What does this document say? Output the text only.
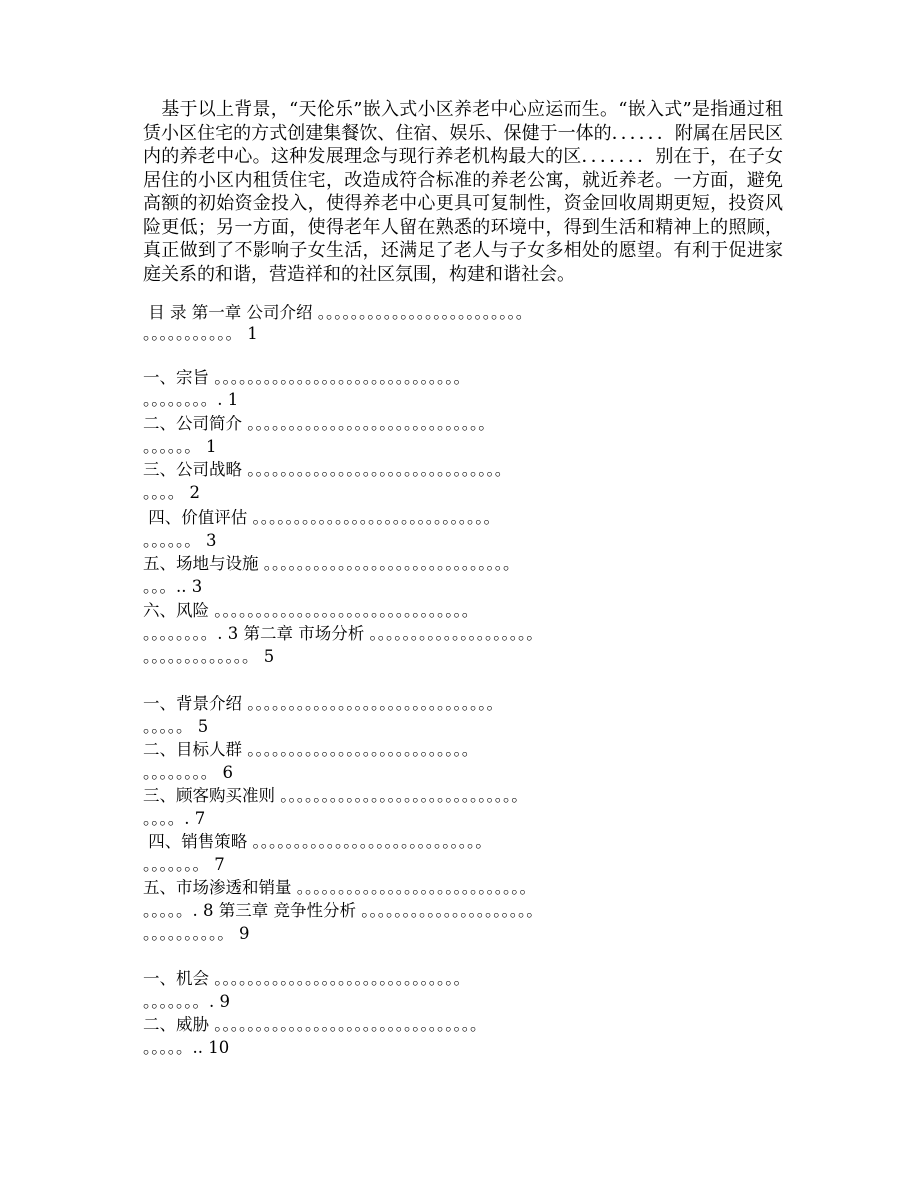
　基于以上背景，“天伦乐”嵌入式小区养老中心应运而生。“嵌入式”是指通过租赁小区住宅的方式创建集餐饮、住宿、娱乐、保健于一体的．．．．．．附属在居民区内的养老中心。这种发展理念与现行养老机构最大的区．．．．．．．别在于，在子女居住的小区内租赁住宅，改造成符合标准的养老公寓，就近养老。一方面，避免高额的初始资金投入，使得养老中心更具可复制性，资金回收周期更短，投资风险更低；另一方面，使得老年人留在熟悉的环境中，得到生活和精神上的照顾，真正做到了不影响子女生活，还满足了老人与子女多相处的愿望。有利于促进家庭关系的和谐，营造祥和的社区氛围，构建和谐社会。

目 录 第一章 公司介绍 。。。。。。。。。。。。。。。。。。。。。。。。。
。。。。。。。。。。。 1
一、宗旨 。。。。。。。。。。。。。。。。。。。。。。。。。。。。。。
。。。。。。。。. 1
二、公司简介 。。。。。。。。。。。。。。。。。。。。。。。。。。。。。
。。。。。。 1
三、公司战略 。。。。。。。。。。。。。。。。。。。。。。。。。。。。。。。
。。。。 2
四、价值评估 。。。。。。。。。。。。。。。。。。。。。。。。。。。。。
。。。。。。 3
五、场地与设施 。。。。。。。。。。。。。。。。。。。。。。。。。。。。。。
。。。.. 3
六、风险 。。。。。。。。。。。。。。。。。。。。。。。。。。。。。。。
。。。。。。。。. 3 第二章 市场分析 。。。。。。。。。。。。。。。。。。。。
。。。。。。。。。。。。。 5
一、背景介绍 。。。。。。。。。。。。。。。。。。。。。。。。。。。。。。
。。。。。 5
二、目标人群 。。。。。。。。。。。。。。。。。。。。。。。。。。。
。。。。。。。。 6
三、顾客购买准则 。。。。。。。。。。。。。。。。。。。。。。。。。。。。。
。。。。. 7
四、销售策略 。。。。。。。。。。。。。。。。。。。。。。。。。。。。
。。。。。。。 7
五、市场渗透和销量 。。。。。。。。。。。。。。。。。。。。。。。。。。。。
。。。。。. 8 第三章 竞争性分析 。。。。。。。。。。。。。。。。。。。。。
。。。。。。。。。。 9
一、机会 。。。。。。。。。。。。。。。。。。。。。。。。。。。。。。
。。。。。。。. 9
二、威胁 。。。。。。。。。。。。。。。。。。。。。。。。。。。。。。。。
。。。。。.. 10
